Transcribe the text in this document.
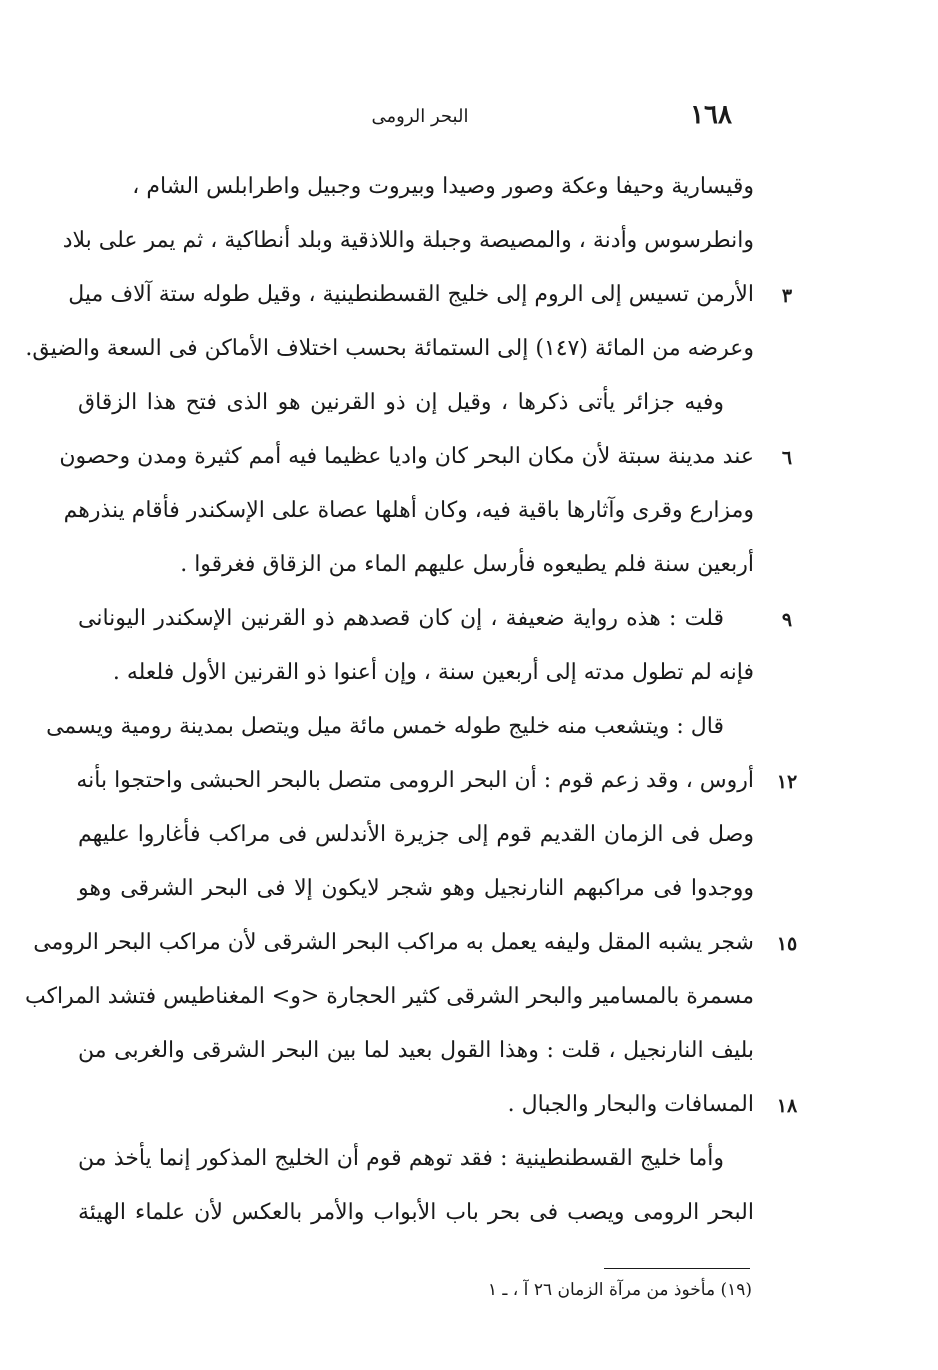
١٦٨
البحر الرومى
وقيسارية وحيفا وعكة وصور وصيدا وبيروت وجبيل واطرابلس الشام ،
وانطرسوس وأدنة ، والمصيصة وجبلة واللاذقية وبلد أنطاكية ، ثم يمر على بلاد
الأرمن تسيس إلى الروم إلى خليج القسطنطينية ، وقيل طوله ستة آلاف ميل
وعرضه من المائة (١٤٧) إلى الستمائة بحسب اختلاف الأماكن فى السعة والضيق.
وفيه جزائر يأتى ذكرها ، وقيل إن ذو القرنين هو الذى فتح هذا الزقاق
عند مدينة سبتة لأن مكان البحر كان واديا عظيما فيه أمم كثيرة ومدن وحصون
ومزارع وقرى وآثارها باقية فيه، وكان أهلها عصاة على الإسكندر فأقام ينذرهم
أربعين سنة فلم يطيعوه فأرسل عليهم الماء من الزقاق فغرقوا .
قلت : هذه رواية ضعيفة ، إن كان قصدهم ذو القرنين الإسكندر اليونانى
فإنه لم تطول مدته إلى أربعين سنة ، وإن أعنوا ذو القرنين الأول فلعله .
قال : ويتشعب منه خليج طوله خمس مائة ميل ويتصل بمدينة رومية ويسمى
أروس ، وقد زعم قوم : أن البحر الرومى متصل بالبحر الحبشى واحتجوا بأنه
وصل فى الزمان القديم قوم إلى جزيرة الأندلس فى مراكب فأغاروا عليهم
ووجدوا فى مراكبهم النارنجيل وهو شجر لايكون إلا فى البحر الشرقى وهو
شجر يشبه المقل وليفه يعمل به مراكب البحر الشرقى لأن مراكب البحر الرومى
مسمرة بالمسامير والبحر الشرقى كثير الحجارة <و> المغناطيس فتشد المراكب
بليف النارنجيل ، قلت : وهذا القول بعيد لما بين البحر الشرقى والغربى من
المسافات والبحار والجبال .
وأما خليج القسطنطينية : فقد توهم قوم أن الخليج المذكور إنما يأخذ من
البحر الرومى ويصب فى بحر باب الأبواب والأمر بالعكس لأن علماء الهيئة
(١٩) مأخوذ من مرآة الزمان ٢٦ آ ، ـ ١
٣
٦
٩
١٢
١٥
١٨
